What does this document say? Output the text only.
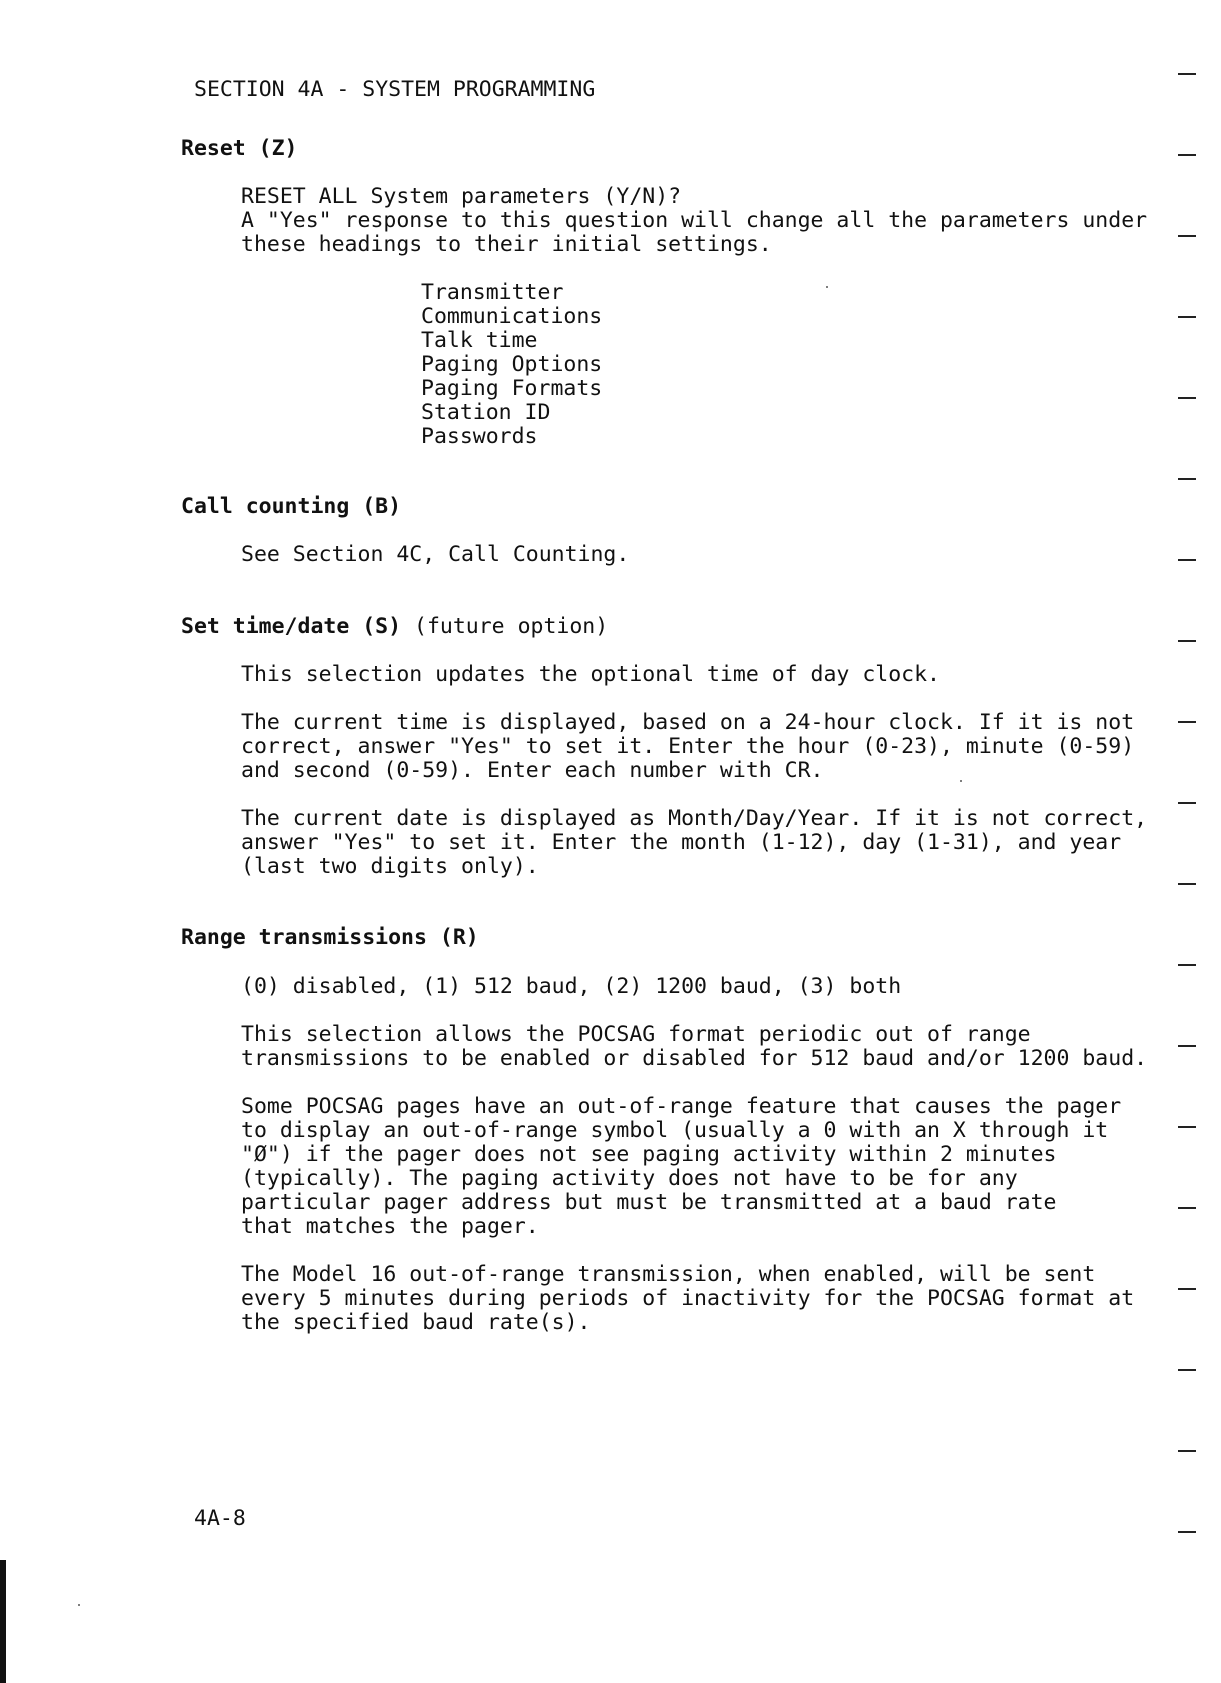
SECTION 4A - SYSTEM PROGRAMMING
Reset (Z)
RESET ALL System parameters (Y/N)?
A "Yes" response to this question will change all the parameters under
these headings to their initial settings.
Transmitter
Communications
Talk time
Paging Options
Paging Formats
Station ID
Passwords
Call counting (B)
See Section 4C, Call Counting.
Set time/date (S) (future option)
This selection updates the optional time of day clock.
The current time is displayed, based on a 24-hour clock. If it is not
correct, answer "Yes" to set it. Enter the hour (0-23), minute (0-59)
and second (0-59). Enter each number with CR.
The current date is displayed as Month/Day/Year. If it is not correct,
answer "Yes" to set it. Enter the month (1-12), day (1-31), and year
(last two digits only).
Range transmissions (R)
(0) disabled, (1) 512 baud, (2) 1200 baud, (3) both
This selection allows the POCSAG format periodic out of range
transmissions to be enabled or disabled for 512 baud and/or 1200 baud.
Some POCSAG pages have an out-of-range feature that causes the pager
to display an out-of-range symbol (usually a 0 with an X through it
"Ø") if the pager does not see paging activity within 2 minutes
(typically). The paging activity does not have to be for any
particular pager address but must be transmitted at a baud rate
that matches the pager.
The Model 16 out-of-range transmission, when enabled, will be sent
every 5 minutes during periods of inactivity for the POCSAG format at
the specified baud rate(s).
4A-8
